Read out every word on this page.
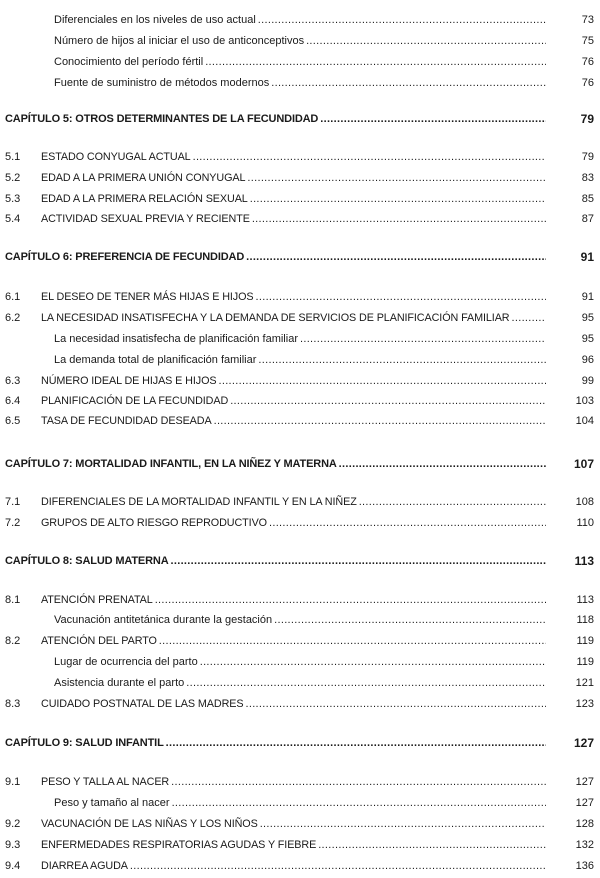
Diferenciales en los niveles de uso actual .....	73
Número de hijos al iniciar el uso de anticonceptivos .....	75
Conocimiento del período fértil .....	76
Fuente de suministro de métodos modernos .....	76
CAPÍTULO 5: OTROS DETERMINANTES DE LA FECUNDIDAD .....	79
5.1	ESTADO CONYUGAL ACTUAL .....	79
5.2	EDAD A LA PRIMERA UNIÓN CONYUGAL .....	83
5.3	EDAD A LA PRIMERA RELACIÓN SEXUAL .....	85
5.4	ACTIVIDAD SEXUAL PREVIA Y RECIENTE .....	87
CAPÍTULO 6: PREFERENCIA DE FECUNDIDAD .....	91
6.1	EL DESEO DE TENER MÁS HIJAS E HIJOS .....	91
6.2	LA NECESIDAD INSATISFECHA Y LA DEMANDA DE SERVICIOS DE PLANIFICACIÓN FAMILIAR .....	95
La necesidad insatisfecha de planificación familiar .....	95
La demanda total de planificación familiar .....	96
6.3	NÚMERO IDEAL DE HIJAS E HIJOS .....	99
6.4	PLANIFICACIÓN DE LA FECUNDIDAD .....	103
6.5	TASA DE FECUNDIDAD DESEADA .....	104
CAPÍTULO 7: MORTALIDAD INFANTIL, EN LA NIÑEZ Y MATERNA .....	107
7.1	DIFERENCIALES DE LA MORTALIDAD INFANTIL Y EN LA NIÑEZ .....	108
7.2	GRUPOS DE ALTO RIESGO REPRODUCTIVO .....	110
CAPÍTULO 8: SALUD MATERNA .....	113
8.1	ATENCIÓN PRENATAL .....	113
Vacunación antitetánica durante la gestación .....	118
8.2	ATENCIÓN DEL PARTO .....	119
Lugar de ocurrencia del parto .....	119
Asistencia durante el parto .....	121
8.3	CUIDADO POSTNATAL DE LAS MADRES .....	123
CAPÍTULO 9: SALUD INFANTIL .....	127
9.1	PESO Y TALLA AL NACER .....	127
Peso y tamaño al nacer .....	127
9.2	VACUNACIÓN DE LAS NIÑAS Y LOS NIÑOS .....	128
9.3	ENFERMEDADES RESPIRATORIAS AGUDAS Y FIEBRE .....	132
9.4	DIARREA AGUDA .....	136
